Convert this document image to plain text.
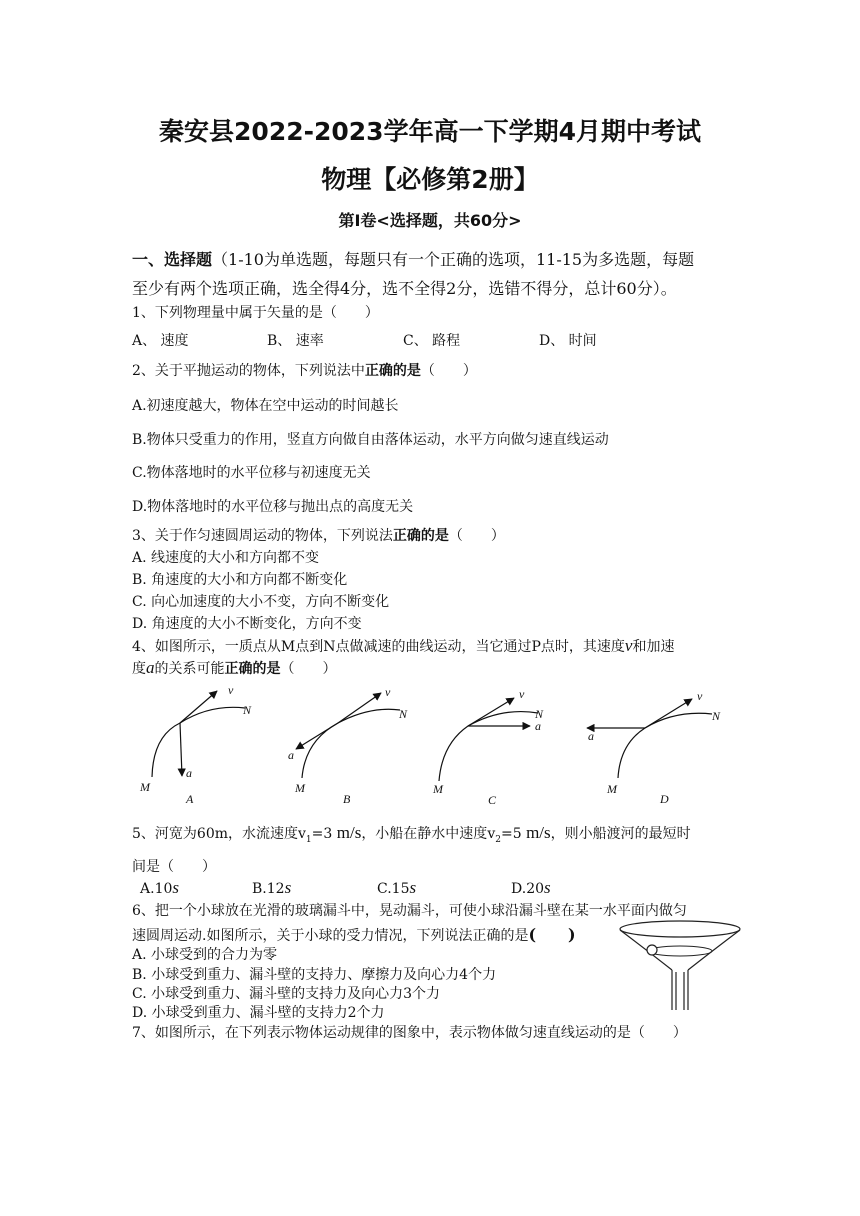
秦安县2022-2023学年高一下学期4月期中考试
物理【必修第2册】
第Ⅰ卷<选择题，共60分>
一、选择题（1-10为单选题，每题只有一个正确的选项，11-15为多选题，每题
至少有两个选项正确，选全得4分，选不全得2分，选错不得分，总计60分）。
1、下列物理量中属于矢量的是（　　）
A、 速度	B、 速率	C、 路程	D、 时间
2、关于平抛运动的物体，下列说法中正确的是（　　）
A.初速度越大，物体在空中运动的时间越长
B.物体只受重力的作用，竖直方向做自由落体运动，水平方向做匀速直线运动
C.物体落地时的水平位移与初速度无关
D.物体落地时的水平位移与抛出点的高度无关
3、关于作匀速圆周运动的物体，下列说法正确的是（　　）
A. 线速度的大小和方向都不变
B. 角速度的大小和方向都不断变化
C. 向心加速度的大小不变，方向不断变化
D. 角速度的大小不断变化，方向不变
4、如图所示，一质点从M点到N点做减速的曲线运动，当它通过P点时，其速度v和加速
度a的关系可能正确的是（　　）
v
N
a
M
A
v
N
a
M
B
v
N
a
M
C
v
N
a
M
D
5、河宽为60m，水流速度$v_1=3$ m/s，小船在静水中速度$v_2=5$ m/s，则小船渡河的最短时
间是（　　）
A.10s	B.12s	C.15s	D.20s
6、把一个小球放在光滑的玻璃漏斗中，晃动漏斗，可使小球沿漏斗壁在某一水平面内做匀
速圆周运动.如图所示，关于小球的受力情况，下列说法正确的是(　　)
A. 小球受到的合力为零
B. 小球受到重力、漏斗壁的支持力、摩擦力及向心力4个力
C. 小球受到重力、漏斗壁的支持力及向心力3个力
D. 小球受到重力、漏斗壁的支持力2个力
7、如图所示，在下列表示物体运动规律的图象中，表示物体做匀速直线运动的是（　　）
